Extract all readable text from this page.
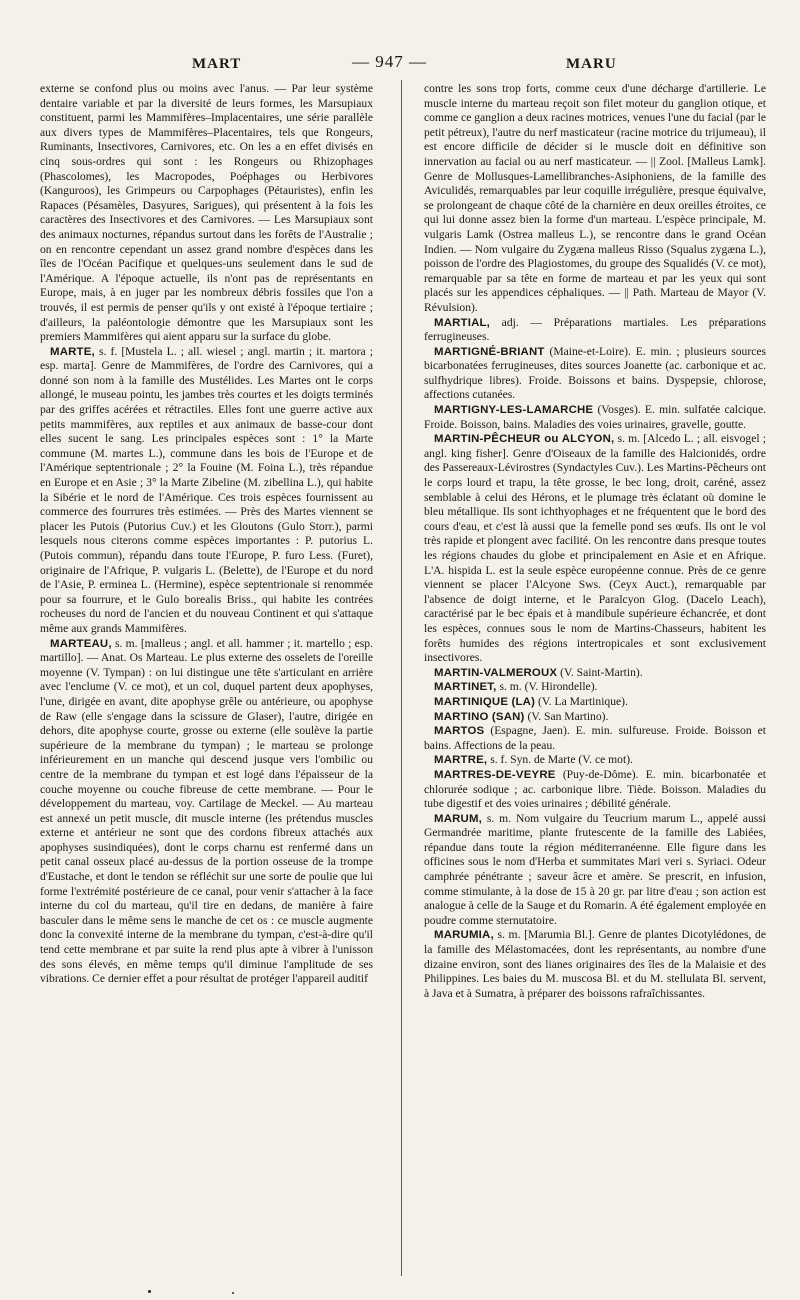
MART	— 947 —	MARU

externe se confond plus ou moins avec l'anus. — Par leur système dentaire variable et par la diversité de leurs formes, les Marsupiaux constituent, parmi les Mammifères–Implacentaires, une série parallèle aux divers types de Mammifères–Placentaires, tels que Rongeurs, Ruminants, Insectivores, Carnivores, etc. On les a en effet divisés en cinq sous-ordres qui sont : les Rongeurs ou Rhizophages (Phascolomes), les Macropodes, Poéphages ou Herbivores (Kanguroos), les Grimpeurs ou Carpophages (Pétauristes), enfin les Rapaces (Pésamèles, Dasyures, Sarigues), qui présentent à la fois les caractères des Insectivores et des Carnivores. — Les Marsupiaux sont des animaux nocturnes, répandus surtout dans les forêts de l'Australie ; on en rencontre cependant un assez grand nombre d'espèces dans les îles de l'Océan Pacifique et quelques-uns seulement dans le sud de l'Amérique. A l'époque actuelle, ils n'ont pas de représentants en Europe, mais, à en juger par les nombreux débris fossiles que l'on a trouvés, il est permis de penser qu'ils y ont existé à l'époque tertiaire ; d'ailleurs, la paléontologie démontre que les Marsupiaux sont les premiers Mammifères qui aient apparu sur la surface du globe.

MARTE, s. f. [Mustela L. ; all. wiesel ; angl. martin ; it. martora ; esp. marta]. Genre de Mammifères, de l'ordre des Carnivores, qui a donné son nom à la famille des Mustélides. Les Martes ont le corps allongé, le museau pointu, les jambes très courtes et les doigts terminés par des griffes acérées et rétractiles. Elles font une guerre active aux petits mammifères, aux reptiles et aux animaux de basse-cour dont elles sucent le sang. Les principales espèces sont : 1° la Marte commune (M. martes L.), commune dans les bois de l'Europe et de l'Amérique septentrionale ; 2° la Fouine (M. Foina L.), très répandue en Europe et en Asie ; 3° la Marte Zibeline (M. zibellina L.), qui habite la Sibérie et le nord de l'Amérique. Ces trois espèces fournissent au commerce des fourrures très estimées. — Près des Martes viennent se placer les Putois (Putorius Cuv.) et les Gloutons (Gulo Storr.), parmi lesquels nous citerons comme espèces importantes : P. putorius L. (Putois commun), répandu dans toute l'Europe, P. furo Less. (Furet), originaire de l'Afrique, P. vulgaris L. (Belette), de l'Europe et du nord de l'Asie, P. erminea L. (Hermine), espèce septentrionale si renommée pour sa fourrure, et le Gulo borealis Briss., qui habite les contrées rocheuses du nord de l'ancien et du nouveau Continent et qui s'attaque même aux grands Mammifères.

MARTEAU, s. m. [malleus ; angl. et all. hammer ; it. martello ; esp. martillo]. — Anat. Os Marteau. Le plus externe des osselets de l'oreille moyenne (V. Tympan) : on lui distingue une tête s'articulant en arrière avec l'enclume (V. ce mot), et un col, duquel partent deux apophyses, l'une, dirigée en avant, dite apophyse grêle ou antérieure, ou apophyse de Raw (elle s'engage dans la scissure de Glaser), l'autre, dirigée en dehors, dite apophyse courte, grosse ou externe (elle soulève la partie supérieure de la membrane du tympan) ; le marteau se prolonge inférieurement en un manche qui descend jusque vers l'ombilic ou centre de la membrane du tympan et est logé dans l'épaisseur de la couche moyenne ou couche fibreuse de cette membrane. — Pour le développement du marteau, voy. Cartilage de Meckel. — Au marteau est annexé un petit muscle, dit muscle interne (les prétendus muscles externe et antérieur ne sont que des cordons fibreux attachés aux apophyses susindiquées), dont le corps charnu est renfermé dans un petit canal osseux placé au-dessus de la portion osseuse de la trompe d'Eustache, et dont le tendon se réfléchit sur une sorte de poulie que lui forme l'extrémité postérieure de ce canal, pour venir s'attacher à la face interne du col du marteau, qu'il tire en dedans, de manière à faire basculer dans le même sens le manche de cet os : ce muscle augmente donc la convexité interne de la membrane du tympan, c'est-à-dire qu'il tend cette membrane et par suite la rend plus apte à vibrer à l'unisson des sons élevés, en même temps qu'il diminue l'amplitude de ses vibrations. Ce dernier effet a pour résultat de protéger l'appareil auditif

contre les sons trop forts, comme ceux d'une décharge d'artillerie. Le muscle interne du marteau reçoit son filet moteur du ganglion otique, et comme ce ganglion a deux racines motrices, venues l'une du facial (par le petit pétreux), l'autre du nerf masticateur (racine motrice du trijumeau), il est encore difficile de décider si le muscle doit en définitive son innervation au facial ou au nerf masticateur. — || Zool. [Malleus Lamk]. Genre de Mollusques-Lamellibranches-Asiphoniens, de la famille des Aviculidés, remarquables par leur coquille irrégulière, presque équivalve, se prolongeant de chaque côté de la charnière en deux oreilles étroites, ce qui lui donne assez bien la forme d'un marteau. L'espèce principale, M. vulgaris Lamk (Ostrea malleus L.), se rencontre dans le grand Océan Indien. — Nom vulgaire du Zygæna malleus Risso (Squalus zygæna L.), poisson de l'ordre des Plagiostomes, du groupe des Squalidés (V. ce mot), remarquable par sa tête en forme de marteau et par les yeux qui sont placés sur les appendices céphaliques. — || Path. Marteau de Mayor (V. Révulsion).

MARTIAL, adj. — Préparations martiales. Les préparations ferrugineuses.

MARTIGNÉ-BRIANT (Maine-et-Loire). E. min. ; plusieurs sources bicarbonatées ferrugineuses, dites sources Joanette (ac. carbonique et ac. sulfhydrique libres). Froide. Boissons et bains. Dyspepsie, chlorose, affections cutanées.

MARTIGNY-LES-LAMARCHE (Vosges). E. min. sulfatée calcique. Froide. Boisson, bains. Maladies des voies urinaires, gravelle, goutte.

MARTIN-PÊCHEUR ou ALCYON, s. m. [Alcedo L. ; all. eisvogel ; angl. king fisher]. Genre d'Oiseaux de la famille des Halcionidés, ordre des Passereaux-Lévirostres (Syndactyles Cuv.). Les Martins-Pêcheurs ont le corps lourd et trapu, la tête grosse, le bec long, droit, caréné, assez semblable à celui des Hérons, et le plumage très éclatant où domine le bleu métallique. Ils sont ichthyophages et ne fréquentent que le bord des cours d'eau, et c'est là aussi que la femelle pond ses œufs. Ils ont le vol très rapide et plongent avec facilité. On les rencontre dans presque toutes les régions chaudes du globe et principalement en Asie et en Afrique. L'A. hispida L. est la seule espèce européenne connue. Près de ce genre viennent se placer l'Alcyone Sws. (Ceyx Auct.), remarquable par l'absence de doigt interne, et le Paralcyon Glog. (Dacelo Leach), caractérisé par le bec épais et à mandibule supérieure échancrée, et dont les espèces, connues sous le nom de Martins-Chasseurs, habitent les forêts humides des régions intertropicales et sont exclusivement insectivores.

MARTIN-VALMEROUX (V. Saint-Martin).

MARTINET, s. m. (V. Hirondelle).

MARTINIQUE (LA) (V. La Martinique).

MARTINO (SAN) (V. San Martino).

MARTOS (Espagne, Jaen). E. min. sulfureuse. Froide. Boisson et bains. Affections de la peau.

MARTRE, s. f. Syn. de Marte (V. ce mot).

MARTRES-DE-VEYRE (Puy-de-Dôme). E. min. bicarbonatée et chlorurée sodique ; ac. carbonique libre. Tiède. Boisson. Maladies du tube digestif et des voies urinaires ; débilité générale.

MARUM, s. m. Nom vulgaire du Teucrium marum L., appelé aussi Germandrée maritime, plante frutescente de la famille des Labiées, répandue dans toute la région méditerranéenne. Elle figure dans les officines sous le nom d'Herba et summitates Mari veri s. Syriaci. Odeur camphrée pénétrante ; saveur âcre et amère. Se prescrit, en infusion, comme stimulante, à la dose de 15 à 20 gr. par litre d'eau ; son action est analogue à celle de la Sauge et du Romarin. A été également employée en poudre comme sternutatoire.

MARUMIA, s. m. [Marumia Bl.]. Genre de plantes Dicotylédones, de la famille des Mélastomacées, dont les représentants, au nombre d'une dizaine environ, sont des lianes originaires des îles de la Malaisie et des Philippines. Les baies du M. muscosa Bl. et du M. stellulata Bl. servent, à Java et à Sumatra, à préparer des boissons rafraîchissantes.
